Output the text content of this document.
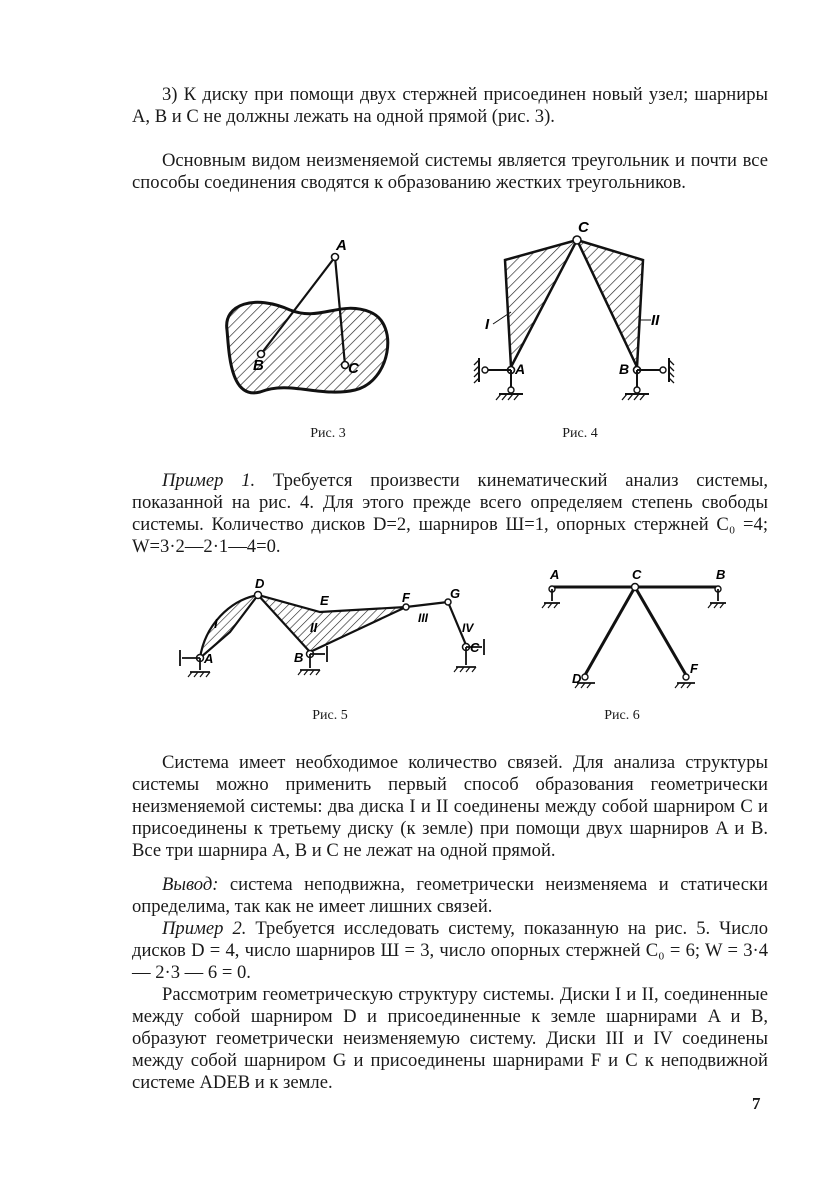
3) К диску при помощи двух стержней присоединен новый узел; шарниры A, B и C не должны лежать на одной прямой (рис. 3).

Основным видом неизменяемой системы является треугольник и почти все способы соединения сводятся к образованию жестких треугольников.

A
B	C
Рис. 3
C
I	II
A	B
Рис. 4

Пример 1. Требуется произвести кинематический анализ системы, показанной на рис. 4. Для этого прежде всего определяем степень свободы системы. Количество дисков D=2, шарниров Ш=1, опорных стержней C₀ =4; W=3·2—2·1—4=0.

D
E	F	G
I	II
III
IV
A	B
C
Рис. 5
A	C	B
D
F
Рис. 6

Система имеет необходимое количество связей. Для анализа структуры системы можно применить первый способ образования геометрически неизменяемой системы: два диска I и II соединены между собой шарниром C и присоединены к третьему диску (к земле) при помощи двух шарниров A и B. Все три шарнира A, B и C не лежат на одной прямой.

Вывод: система неподвижна, геометрически неизменяема и статически определима, так как не имеет лишних связей.

Пример 2. Требуется исследовать систему, показанную на рис. 5. Число дисков D = 4, число шарниров Ш = 3, число опорных стержней C₀ = 6; W = 3·4 — 2·3 — 6 = 0.

Рассмотрим геометрическую структуру системы. Диски I и II, соединенные между собой шарниром D и присоединенные к земле шарнирами A и B, образуют геометрически неизменяемую систему. Диски III и IV соединены между собой шарниром G и присоединены шарнирами F и C к неподвижной системе ADEB и к земле.

7
